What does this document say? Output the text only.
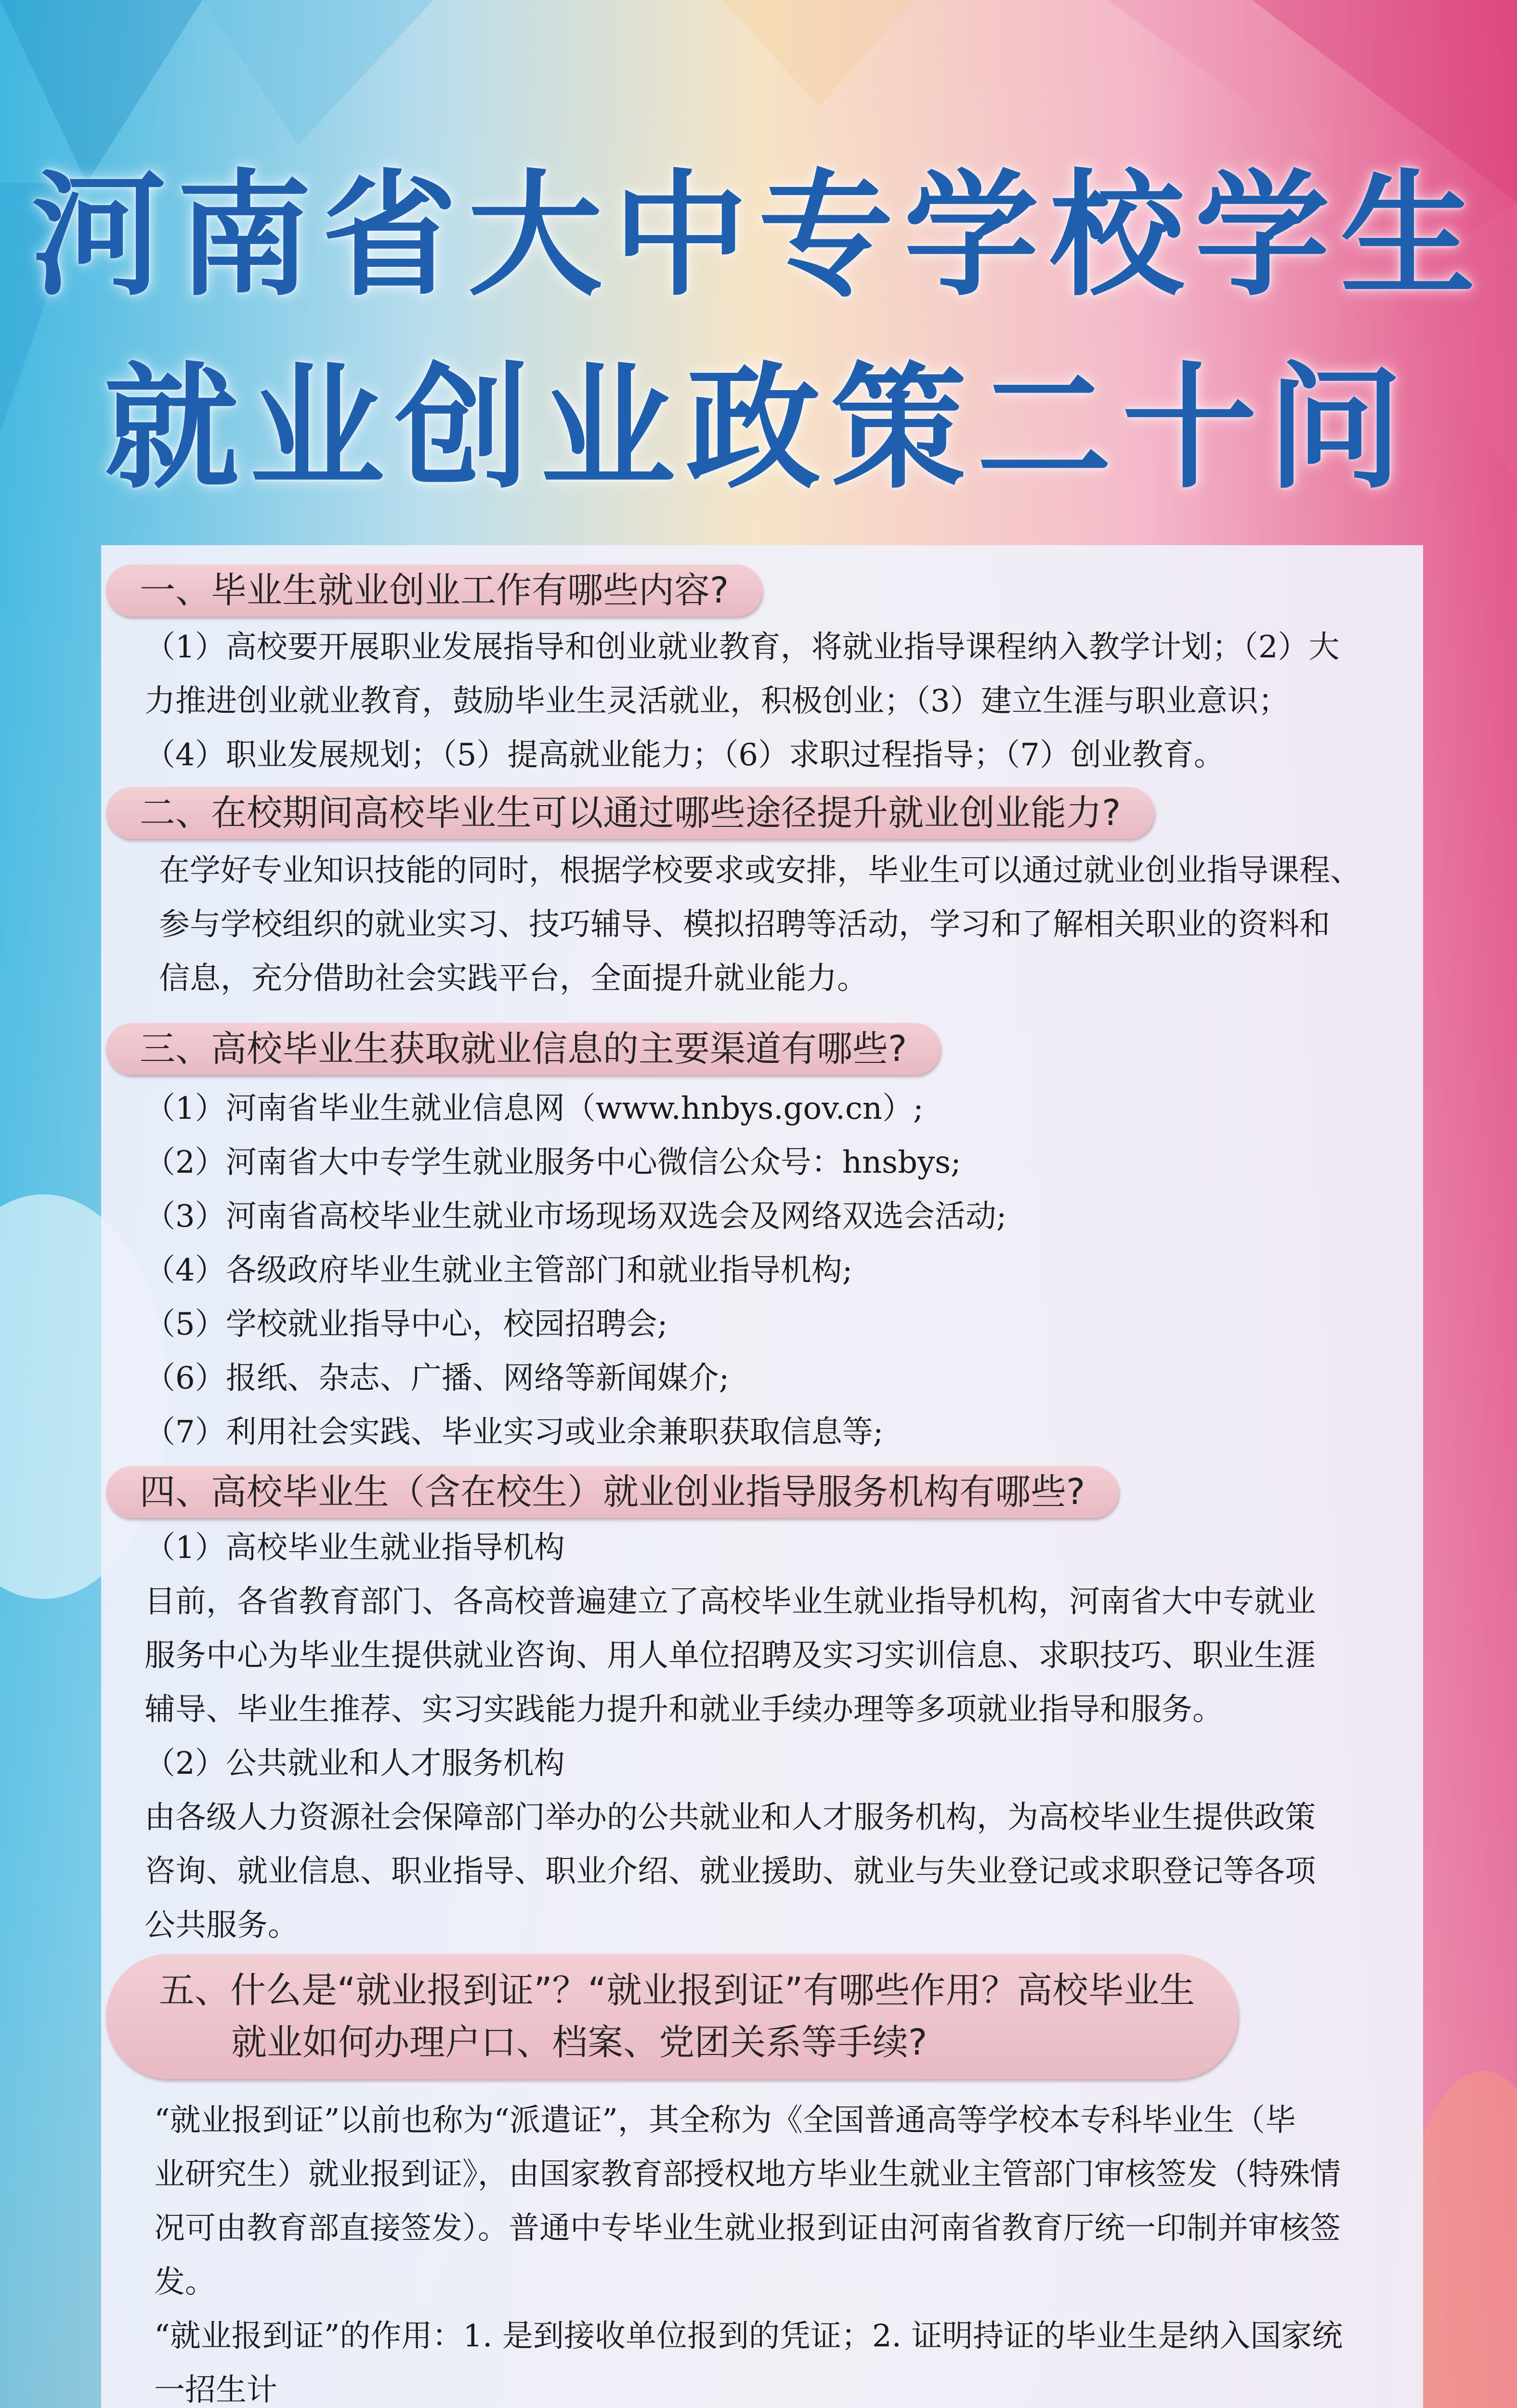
河南省大中专学校学生
就业创业政策二十问
一、毕业生就业创业工作有哪些内容?

（1）高校要开展职业发展指导和创业就业教育，将就业指导课程纳入教学计划；（2）大

力推进创业就业教育，鼓励毕业生灵活就业，积极创业；（3）建立生涯与职业意识；

（4）职业发展规划；（5）提高就业能力；（6）求职过程指导；（7）创业教育。

二、在校期间高校毕业生可以通过哪些途径提升就业创业能力?

在学好专业知识技能的同时，根据学校要求或安排，毕业生可以通过就业创业指导课程、

参与学校组织的就业实习、技巧辅导、模拟招聘等活动，学习和了解相关职业的资料和

信息，充分借助社会实践平台，全面提升就业能力。

三、高校毕业生获取就业信息的主要渠道有哪些?

（1）河南省毕业生就业信息网（www.hnbys.gov.cn）;

（2）河南省大中专学生就业服务中心微信公众号：hnsbys;

（3）河南省高校毕业生就业市场现场双选会及网络双选会活动;

（4）各级政府毕业生就业主管部门和就业指导机构;

（5）学校就业指导中心，校园招聘会;

（6）报纸、杂志、广播、网络等新闻媒介;

（7）利用社会实践、毕业实习或业余兼职获取信息等;

四、高校毕业生（含在校生）就业创业指导服务机构有哪些?

（1）高校毕业生就业指导机构

目前，各省教育部门、各高校普遍建立了高校毕业生就业指导机构，河南省大中专就业

服务中心为毕业生提供就业咨询、用人单位招聘及实习实训信息、求职技巧、职业生涯

辅导、毕业生推荐、实习实践能力提升和就业手续办理等多项就业指导和服务。

（2）公共就业和人才服务机构

由各级人力资源社会保障部门举办的公共就业和人才服务机构，为高校毕业生提供政策

咨询、就业信息、职业指导、职业介绍、就业援助、就业与失业登记或求职登记等各项

公共服务。

五、什么是“就业报到证”？“就业报到证”有哪些作用？高校毕业生
就业如何办理户口、档案、党团关系等手续?

“就业报到证”以前也称为“派遣证”，其全称为《全国普通高等学校本专科毕业生（毕

业研究生）就业报到证》，由国家教育部授权地方毕业生就业主管部门审核签发（特殊情

况可由教育部直接签发）。普通中专毕业生就业报到证由河南省教育厅统一印制并审核签发。

“就业报到证”的作用：1. 是到接收单位报到的凭证；2. 证明持证的毕业生是纳入国家统

一招生计
